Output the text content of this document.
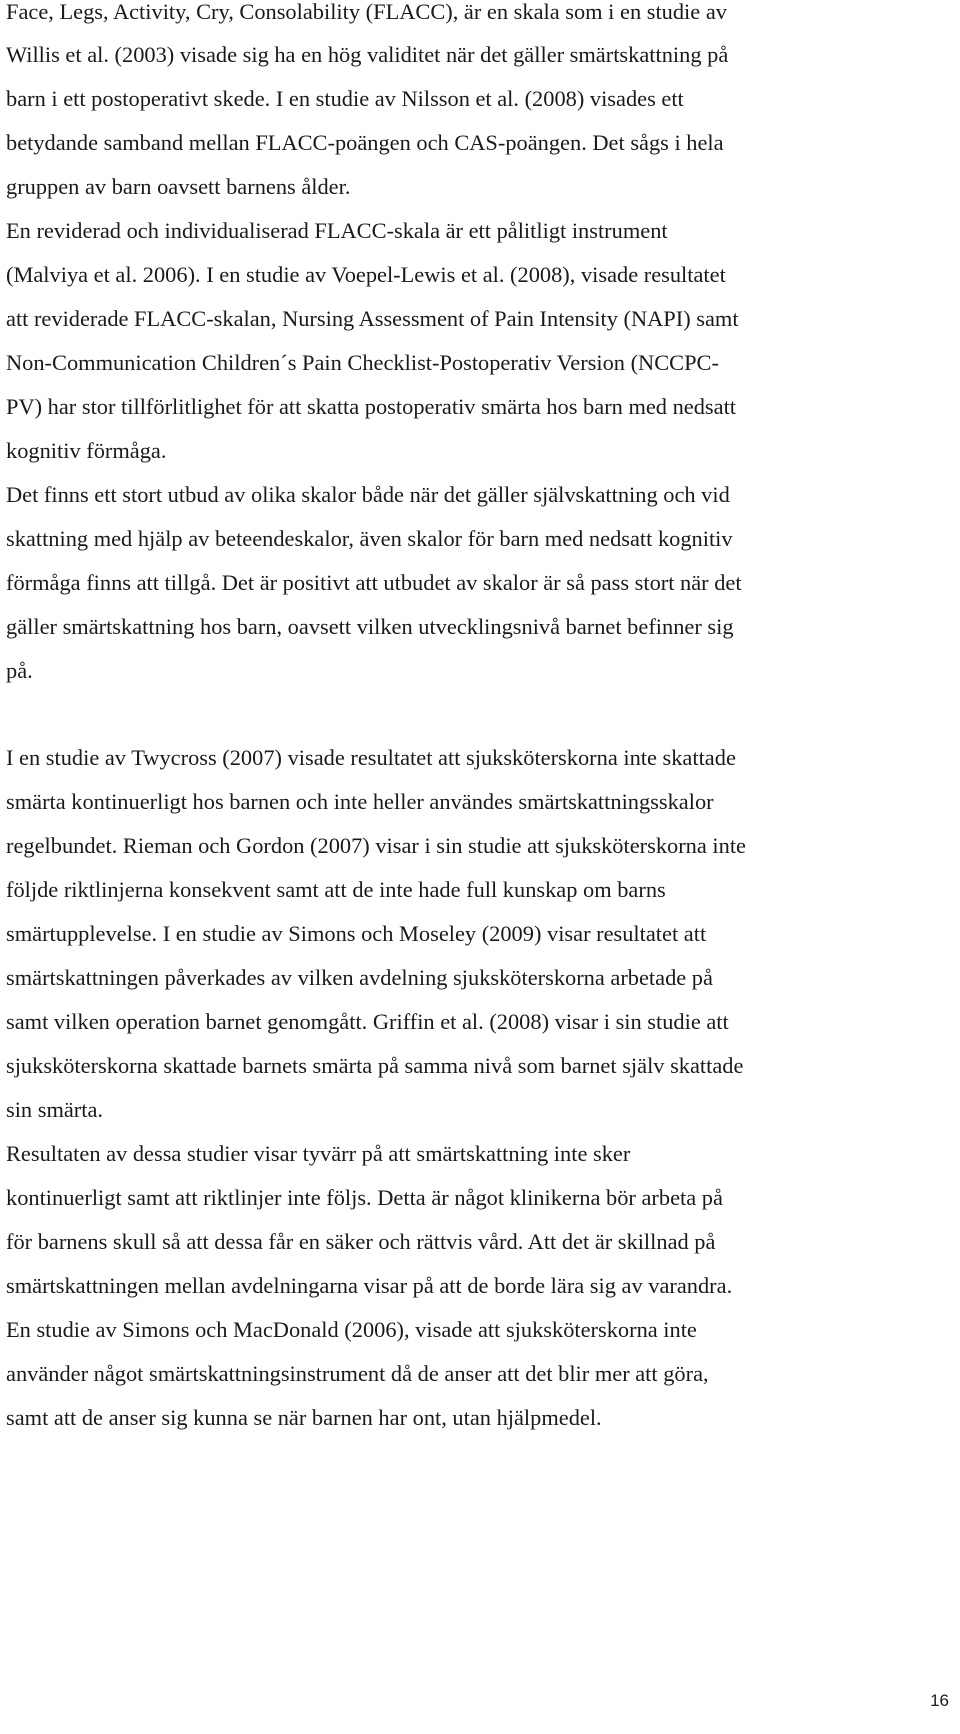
Face, Legs, Activity, Cry, Consolability (FLACC), är en skala som i en studie av
Willis et al. (2003) visade sig ha en hög validitet när det gäller smärtskattning på
barn i ett postoperativt skede. I en studie av Nilsson et al. (2008) visades ett
betydande samband mellan FLACC-poängen och CAS-poängen. Det sågs i hela
gruppen av barn oavsett barnens ålder.
En reviderad och individualiserad FLACC-skala är ett pålitligt instrument
(Malviya et al. 2006). I en studie av Voepel-Lewis et al. (2008), visade resultatet
att reviderade FLACC-skalan, Nursing Assessment of Pain Intensity (NAPI) samt
Non-Communication Children´s Pain Checklist-Postoperativ Version (NCCPC-
PV) har stor tillförlitlighet för att skatta postoperativ smärta hos barn med nedsatt
kognitiv förmåga.
Det finns ett stort utbud av olika skalor både när det gäller självskattning och vid
skattning med hjälp av beteendeskalor, även skalor för barn med nedsatt kognitiv
förmåga finns att tillgå. Det är positivt att utbudet av skalor är så pass stort när det
gäller smärtskattning hos barn, oavsett vilken utvecklingsnivå barnet befinner sig
på.
I en studie av Twycross (2007) visade resultatet att sjuksköterskorna inte skattade
smärta kontinuerligt hos barnen och inte heller användes smärtskattningsskalor
regelbundet. Rieman och Gordon (2007) visar i sin studie att sjuksköterskorna inte
följde riktlinjerna konsekvent samt att de inte hade full kunskap om barns
smärtupplevelse. I en studie av Simons och Moseley (2009) visar resultatet att
smärtskattningen påverkades av vilken avdelning sjuksköterskorna arbetade på
samt vilken operation barnet genomgått. Griffin et al. (2008) visar i sin studie att
sjuksköterskorna skattade barnets smärta på samma nivå som barnet själv skattade
sin smärta.
Resultaten av dessa studier visar tyvärr på att smärtskattning inte sker
kontinuerligt samt att riktlinjer inte följs. Detta är något klinikerna bör arbeta på
för barnens skull så att dessa får en säker och rättvis vård. Att det är skillnad på
smärtskattningen mellan avdelningarna visar på att de borde lära sig av varandra.
En studie av Simons och MacDonald (2006), visade att sjuksköterskorna inte
använder något smärtskattningsinstrument då de anser att det blir mer att göra,
samt att de anser sig kunna se när barnen har ont, utan hjälpmedel.
16
